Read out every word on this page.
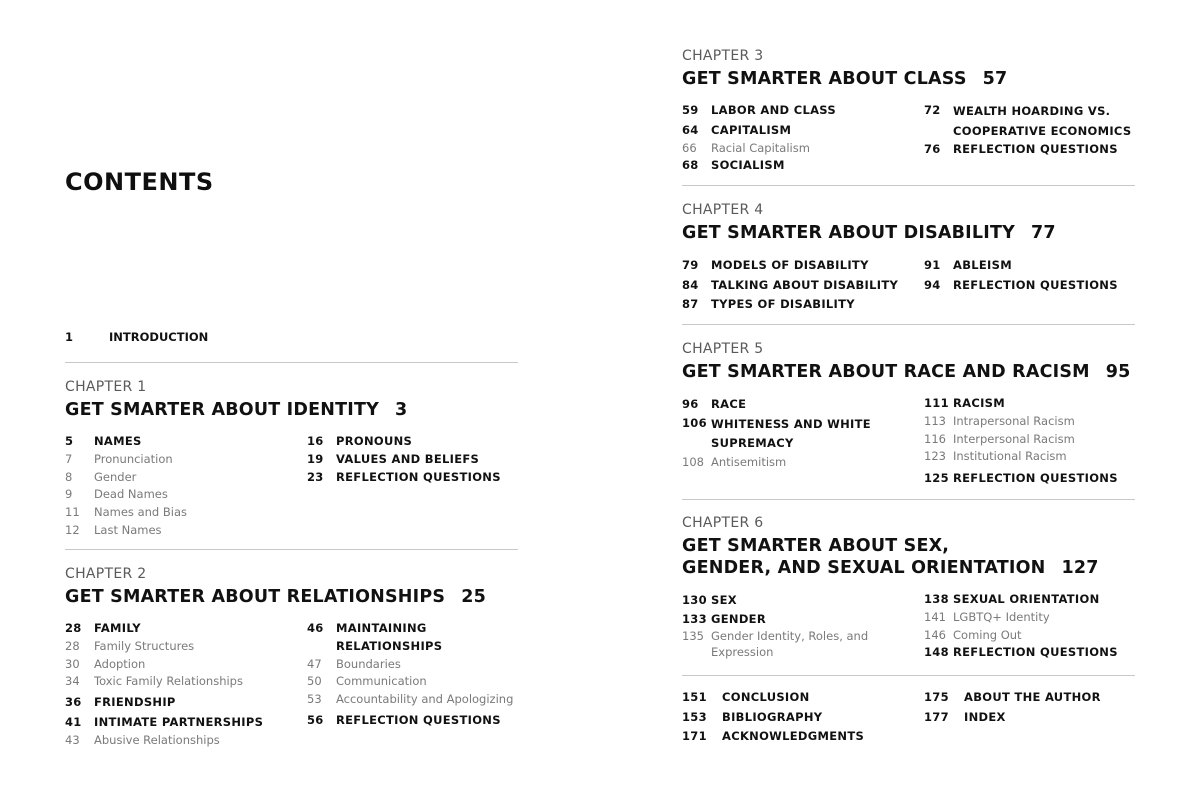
CONTENTS
1	INTRODUCTION
CHAPTER 1
GET SMARTER ABOUT IDENTITY 3
5	NAMES
7	Pronunciation
8	Gender
9	Dead Names
11	Names and Bias
12	Last Names
16	PRONOUNS
19	VALUES AND BELIEFS
23	REFLECTION QUESTIONS
CHAPTER 2
GET SMARTER ABOUT RELATIONSHIPS 25
28	FAMILY
28	Family Structures
30	Adoption
34	Toxic Family Relationships
36	FRIENDSHIP
41	INTIMATE PARTNERSHIPS
43	Abusive Relationships
46	MAINTAINING RELATIONSHIPS
47	Boundaries
50	Communication
53	Accountability and Apologizing
56	REFLECTION QUESTIONS
CHAPTER 3
GET SMARTER ABOUT CLASS 57
59	LABOR AND CLASS
64	CAPITALISM
66	Racial Capitalism
68	SOCIALISM
72	WEALTH HOARDING VS. COOPERATIVE ECONOMICS
76	REFLECTION QUESTIONS
CHAPTER 4
GET SMARTER ABOUT DISABILITY 77
79	MODELS OF DISABILITY
84	TALKING ABOUT DISABILITY
87	TYPES OF DISABILITY
91	ABLEISM
94	REFLECTION QUESTIONS
CHAPTER 5
GET SMARTER ABOUT RACE AND RACISM 95
96	RACE
106 WHITENESS AND WHITE SUPREMACY
108 Antisemitism
111 RACISM
113 Intrapersonal Racism
116 Interpersonal Racism
123 Institutional Racism
125 REFLECTION QUESTIONS
CHAPTER 6
GET SMARTER ABOUT SEX,
GENDER, AND SEXUAL ORIENTATION 127
130 SEX
133 GENDER
135 Gender Identity, Roles, and Expression
138 SEXUAL ORIENTATION
141 LGBTQ+ Identity
146 Coming Out
148 REFLECTION QUESTIONS
151	CONCLUSION
153	BIBLIOGRAPHY
171	ACKNOWLEDGMENTS
175	ABOUT THE AUTHOR
177	INDEX
